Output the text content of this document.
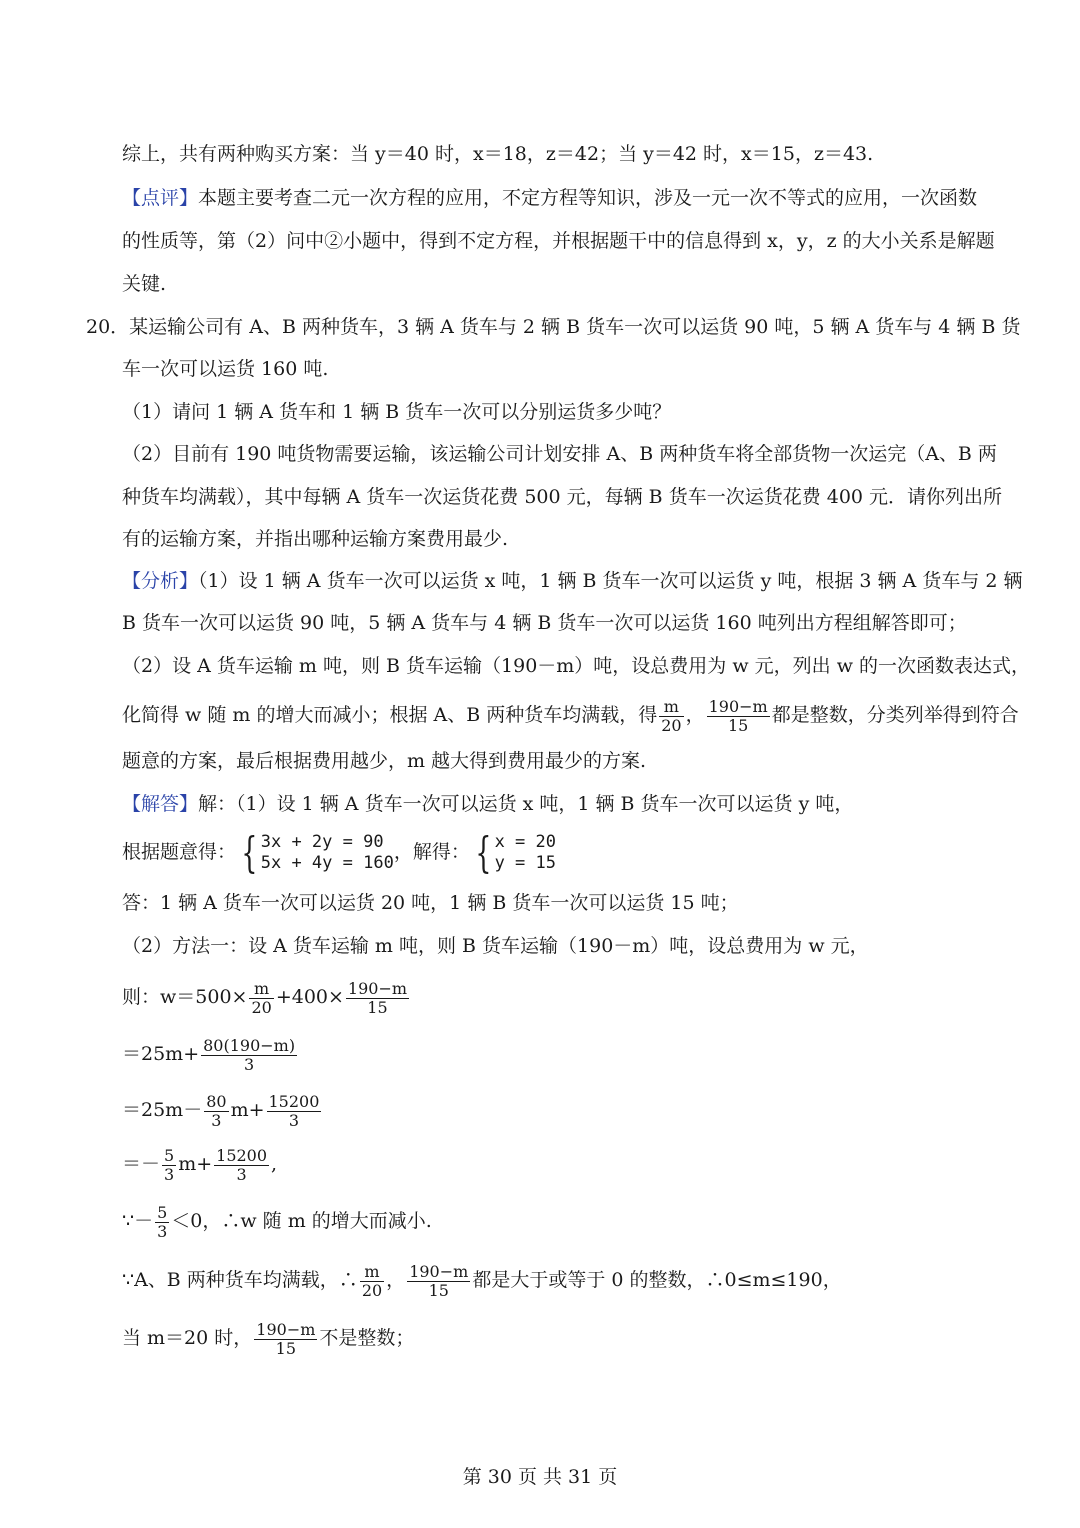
综上，共有两种购买方案：当 y＝40 时，x＝18，z＝42；当 y＝42 时，x＝15，z＝43.
【点评】本题主要考查二元一次方程的应用，不定方程等知识，涉及一元一次不等式的应用，一次函数
的性质等，第（2）问中②小题中，得到不定方程，并根据题干中的信息得到 x，y，z 的大小关系是解题
关键.
20．某运输公司有 A、B 两种货车，3 辆 A 货车与 2 辆 B 货车一次可以运货 90 吨，5 辆 A 货车与 4 辆 B 货
车一次可以运货 160 吨.
（1）请问 1 辆 A 货车和 1 辆 B 货车一次可以分别运货多少吨？
（2）目前有 190 吨货物需要运输，该运输公司计划安排 A、B 两种货车将全部货物一次运完（A、B 两
种货车均满载），其中每辆 A 货车一次运货花费 500 元，每辆 B 货车一次运货花费 400 元．请你列出所
有的运输方案，并指出哪种运输方案费用最少.
【分析】（1）设 1 辆 A 货车一次可以运货 x 吨，1 辆 B 货车一次可以运货 y 吨，根据 3 辆 A 货车与 2 辆
B 货车一次可以运货 90 吨，5 辆 A 货车与 4 辆 B 货车一次可以运货 160 吨列出方程组解答即可；
（2）设 A 货车运输 m 吨，则 B 货车运输（190－m）吨，设总费用为 w 元，列出 w 的一次函数表达式，
化简得 w 随 m 的增大而减小；根据 A、B 两种货车均满载，得 $\frac{m}{20}$ ， $\frac{190-m}{15}$ 都是整数，分类列举得到符合
题意的方案，最后根据费用越少，m 越大得到费用最少的方案.
【解答】解：（1）设 1 辆 A 货车一次可以运货 x 吨，1 辆 B 货车一次可以运货 y 吨，
根据题意得： { 3x + 2y = 90
5x + 4y = 160 ，解得： { x = 20
y = 15
答：1 辆 A 货车一次可以运货 20 吨，1 辆 B 货车一次可以运货 15 吨；
（2）方法一：设 A 货车运输 m 吨，则 B 货车运输（190－m）吨，设总费用为 w 元，
则：$w=500\times \frac{m}{20} +400\times \frac{190-m}{15}$
$=25m+ \frac{80(190-m)}{3}$
$=25m- \frac{80}{3} m+ \frac{15200}{3}$
＝－ $\frac{5}{3} m+ \frac{15200}{3}$ ,
∵－ $\frac{5}{3} <0$，∴w 随 m 的增大而减小.
∵A、B 两种货车均满载，∴ $\frac{m}{20}$ ， $\frac{190-m}{15}$ 都是大于或等于 0 的整数，∴0≤m≤190，
当 m＝20 时， $\frac{190-m}{15}$ 不是整数；
第 30 页 共 31 页
